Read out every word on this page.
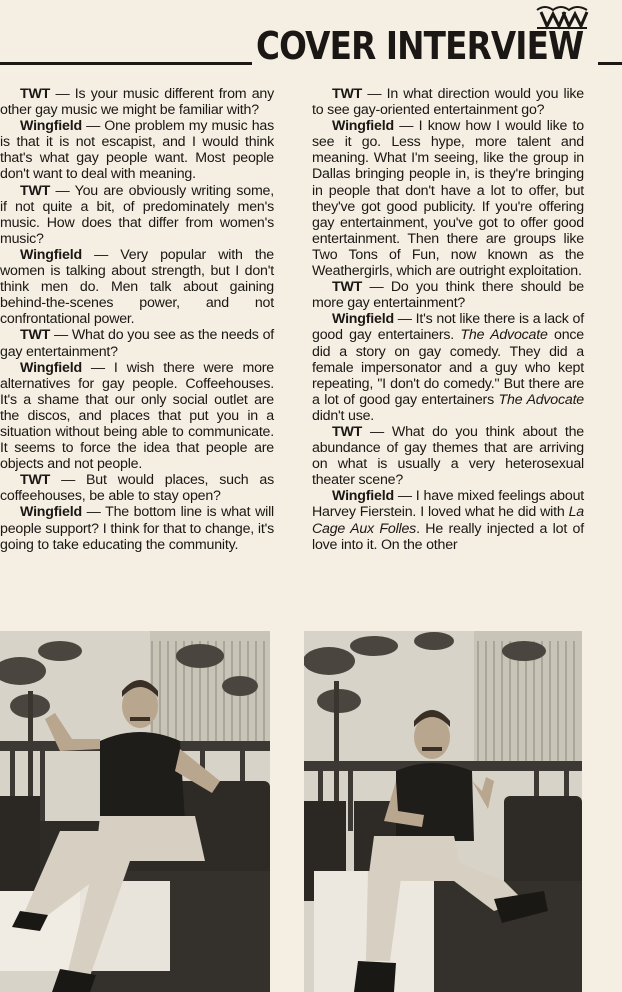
COVER INTERVIEW

TWT — Is your music different from any other gay music we might be familiar with?

Wingfield — One problem my music has is that it is not escapist, and I would think that's what gay people want. Most people don't want to deal with meaning.

TWT — You are obviously writing some, if not quite a bit, of predominately men's music. How does that differ from women's music?

Wingfield — Very popular with the women is talking about strength, but I don't think men do. Men talk about gaining behind-the-scenes power, and not confrontational power.

TWT — What do you see as the needs of gay entertainment?

Wingfield — I wish there were more alternatives for gay people. Coffeehouses. It's a shame that our only social outlet are the discos, and places that put you in a situation without being able to communicate. It seems to force the idea that people are objects and not people.

TWT — But would places, such as coffeehouses, be able to stay open?

Wingfield — The bottom line is what will people support? I think for that to change, it's going to take educating the community.

TWT — In what direction would you like to see gay-oriented entertainment go?

Wingfield — I know how I would like to see it go. Less hype, more talent and meaning. What I'm seeing, like the group in Dallas bringing people in, is they're bringing in people that don't have a lot to offer, but they've got good publicity. If you're offering gay entertainment, you've got to offer good entertainment. Then there are groups like Two Tons of Fun, now known as the Weathergirls, which are outright exploitation.

TWT — Do you think there should be more gay entertainment?

Wingfield — It's not like there is a lack of good gay entertainers. The Advocate once did a story on gay comedy. They did a female impersonator and a guy who kept repeating, "I don't do comedy." But there are a lot of good gay entertainers The Advocate didn't use.

TWT — What do you think about the abundance of gay themes that are arriving on what is usually a very heterosexual theater scene?

Wingfield — I have mixed feelings about Harvey Fierstein. I loved what he did with La Cage Aux Folles. He really injected a lot of love into it. On the other
